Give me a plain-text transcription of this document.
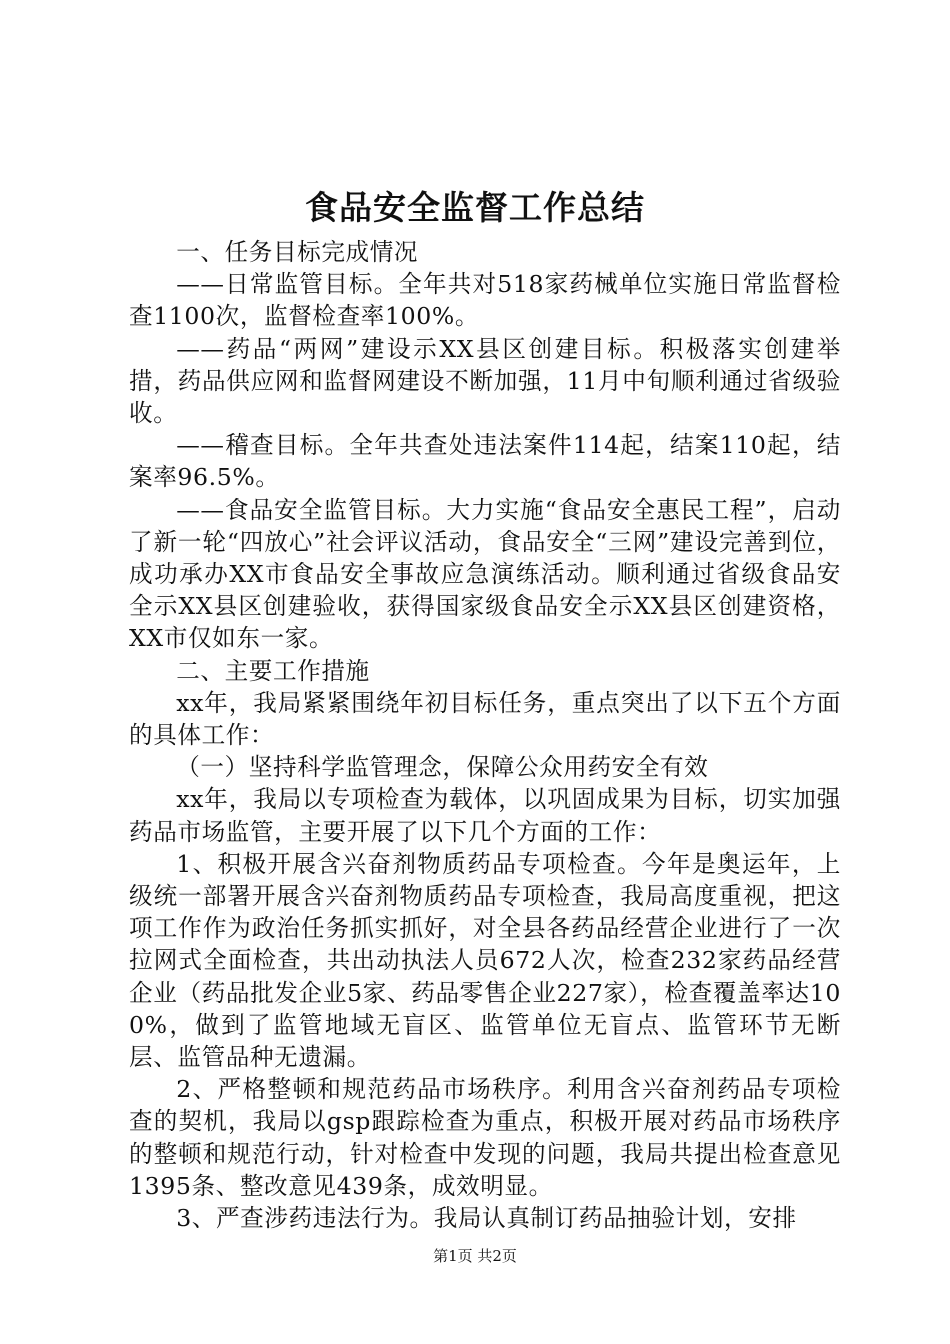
食品安全监督工作总结

一、任务目标完成情况

——日常监管目标。全年共对518家药械单位实施日常监督检查1100次，监督检查率100%。

——药品“两网”建设示XX县区创建目标。积极落实创建举措，药品供应网和监督网建设不断加强，11月中旬顺利通过省级验收。

——稽查目标。全年共查处违法案件114起，结案110起，结案率96.5%。

——食品安全监管目标。大力实施“食品安全惠民工程”，启动了新一轮“四放心”社会评议活动，食品安全“三网”建设完善到位，成功承办XX市食品安全事故应急演练活动。顺利通过省级食品安全示XX县区创建验收，获得国家级食品安全示XX县区创建资格，XX市仅如东一家。

二、主要工作措施

xx年，我局紧紧围绕年初目标任务，重点突出了以下五个方面的具体工作：

（一）坚持科学监管理念，保障公众用药安全有效

xx年，我局以专项检查为载体，以巩固成果为目标，切实加强药品市场监管，主要开展了以下几个方面的工作：

1、积极开展含兴奋剂物质药品专项检查。今年是奥运年，上级统一部署开展含兴奋剂物质药品专项检查，我局高度重视，把这项工作作为政治任务抓实抓好，对全县各药品经营企业进行了一次拉网式全面检查，共出动执法人员672人次，检查232家药品经营企业（药品批发企业5家、药品零售企业227家），检查覆盖率达100%，做到了监管地域无盲区、监管单位无盲点、监管环节无断层、监管品种无遗漏。

2、严格整顿和规范药品市场秩序。利用含兴奋剂药品专项检查的契机，我局以gsp跟踪检查为重点，积极开展对药品市场秩序的整顿和规范行动，针对检查中发现的问题，我局共提出检查意见1395条、整改意见439条，成效明显。

3、严查涉药违法行为。我局认真制订药品抽验计划，安排

第1页 共2页
